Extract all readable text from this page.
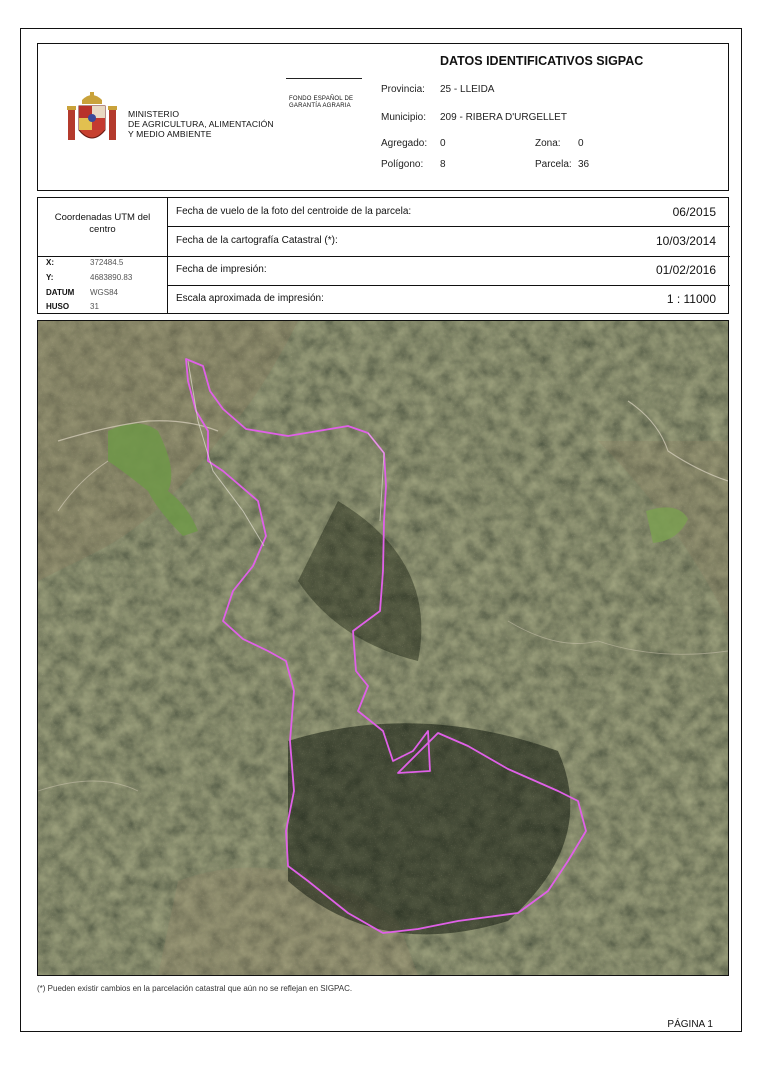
MINISTERIO
DE AGRICULTURA, ALIMENTACIÓN
Y MEDIO AMBIENTE
FONDO ESPAÑOL DE
GARANTÍA AGRARIA
DATOS IDENTIFICATIVOS SIGPAC
Provincia: 25 - LLEIDA
Municipio: 209 - RIBERA D'URGELLET
Agregado: 0	Zona: 0
Polígono: 8	Parcela: 36
Coordenadas UTM del centro
X:	372484.5
Y:	4683890.83
DATUM WGS84
HUSO	31
Fecha de vuelo de la foto del centroide de la parcela:	06/2015
Fecha de la cartografía Catastral (*):	10/03/2014
Fecha de impresión:	01/02/2016
Escala aproximada de impresión:	1 : 11000
(*) Pueden existir cambios en la parcelación catastral que aún no se reflejan en SIGPAC.
PÁGINA 1
